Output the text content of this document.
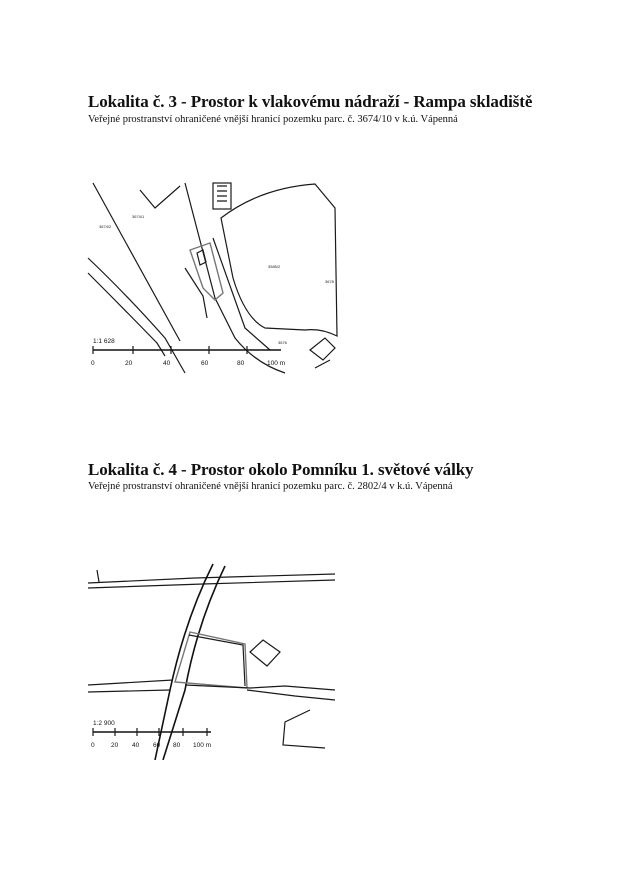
Lokalita č. 3 - Prostor k vlakovému nádraží - Rampa skladiště
Veřejné prostranství ohraničené vnější hranicí pozemku parc. č. 3674/10 v k.ú. Vápenná
3674/2
3674/1
3585/2
3678
3676
1:1 628
0	20	40	60	80	100 m
Lokalita č. 4 - Prostor okolo Pomníku 1. světové války
Veřejné prostranství ohraničené vnější hranicí pozemku parc. č. 2802/4 v k.ú. Vápenná
1:2 900
0	20 40 60 80 100 m
